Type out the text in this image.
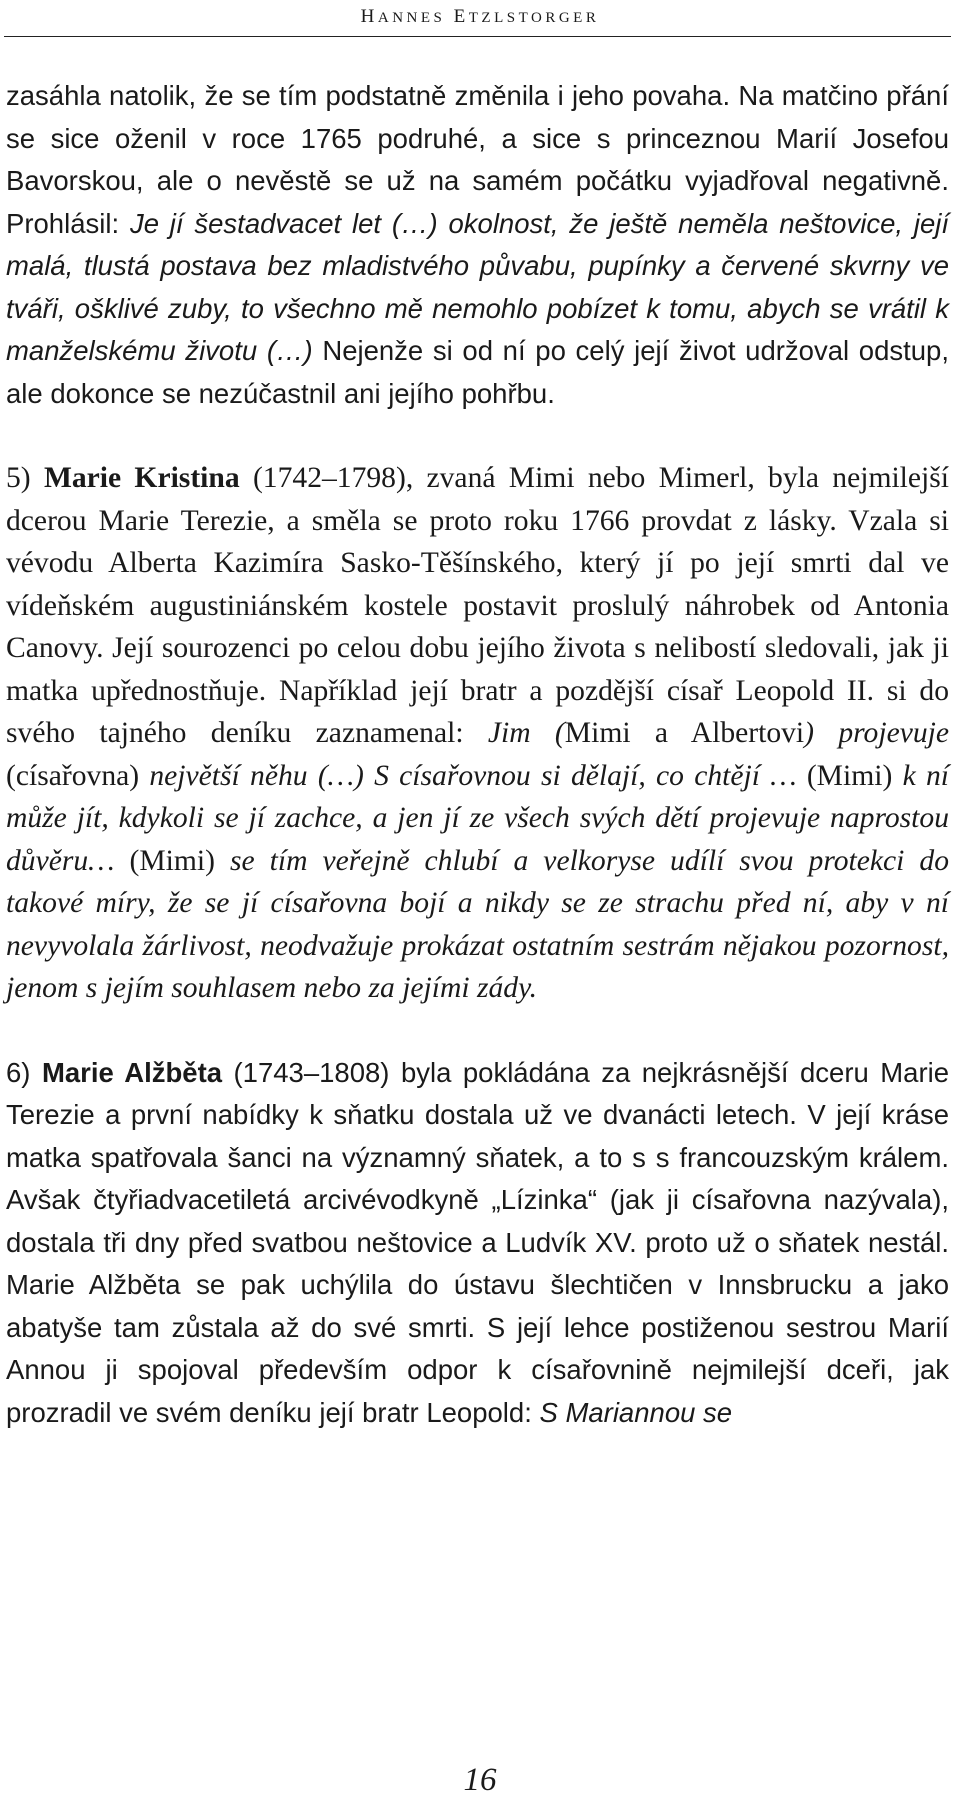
HANNES ETZLSTORGER

zasáhla natolik, že se tím podstatně změnila i jeho povaha. Na matčino přání se sice oženil v roce 1765 podruhé, a sice s princeznou Marií Josefou Bavorskou, ale o nevěstě se už na samém počátku vyjadřoval negativně. Prohlásil: Je jí šestadvacet let (…) okolnost, že ještě neměla neštovice, její malá, tlustá postava bez mladistvého půvabu, pupínky a červené skvrny ve tváři, ošklivé zuby, to všechno mě nemohlo pobízet k tomu, abych se vrátil k manželskému životu (…) Nejenže si od ní po celý její život udržoval odstup, ale dokonce se nezúčastnil ani jejího pohřbu.

5) Marie Kristina (1742–1798), zvaná Mimi nebo Mimerl, byla nejmilejší dcerou Marie Terezie, a směla se proto roku 1766 provdat z lásky. Vzala si vévodu Alberta Kazimíra Sasko-Těšínského, který jí po její smrti dal ve vídeňském augustiniánském kostele postavit proslulý náhrobek od Antonia Canovy. Její sourozenci po celou dobu jejího života s nelibostí sledovali, jak ji matka upřednostňuje. Například její bratr a pozdější císař Leopold II. si do svého tajného deníku zaznamenal: Jim (Mimi a Albertovi) projevuje (císařovna) největší něhu (…) S císařovnou si dělají, co chtějí … (Mimi) k ní může jít, kdykoli se jí zachce, a jen jí ze všech svých dětí projevuje naprostou důvěru… (Mimi) se tím veřejně chlubí a velkoryse udílí svou protekci do takové míry, že se jí císařovna bojí a nikdy se ze strachu před ní, aby v ní nevyvolala žárlivost, neodvažuje prokázat ostatním sestrám nějakou pozornost, jenom s jejím souhlasem nebo za jejími zády.

6) Marie Alžběta (1743–1808) byla pokládána za nejkrásnější dceru Marie Terezie a první nabídky k sňatku dostala už ve dvanácti letech. V její kráse matka spatřovala šanci na významný sňatek, a to s s francouzským králem. Avšak čtyřiadvacetiletá arcivévodkyně „Lízinka“ (jak ji císařovna nazývala), dostala tři dny před svatbou neštovice a Ludvík XV. proto už o sňatek nestál. Marie Alžběta se pak uchýlila do ústavu šlechtičen v Innsbrucku a jako abatyše tam zůstala až do své smrti. S její lehce postiženou sestrou Marií Annou ji spojoval především odpor k císařovnině nejmilejší dceři, jak prozradil ve svém deníku její bratr Leopold: S Mariannou se

16
